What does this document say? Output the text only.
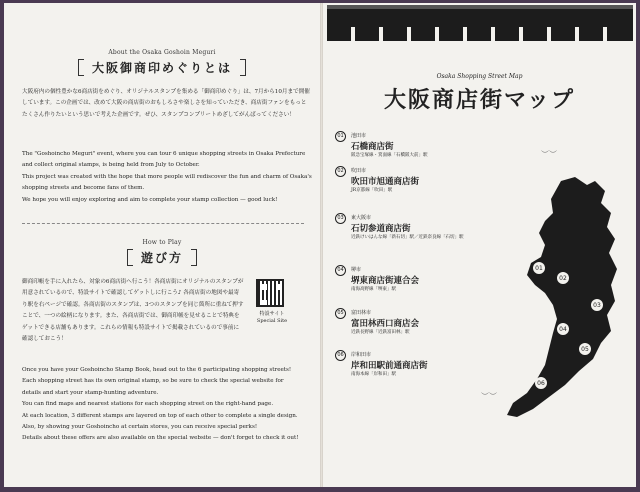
About the Osaka Goshoin Meguri
大阪御商印めぐりとは
大阪府内の個性豊かな6商店街をめぐり、オリジナルスタンプを集める「御商印めぐり」は、7月から10月まで開催しています。この企画では、改めて大阪の商店街のおもしろさや楽しさを知っていただき、商店街ファンをもっとたくさん作りたいという思いで考えた企画です。ぜひ、スタンプコンプリートめざしてがんばってください！
The "Goshoincho Meguri" event, where you can tour 6 unique shopping streets in Osaka Prefecture and collect original stamps, is being held from July to October.
This project was created with the hope that more people will rediscover the fun and charm of Osaka's shopping streets and become fans of them.
We hope you will enjoy exploring and aim to complete your stamp collection — good luck!
How to Play
遊び方
御商印帳を手に入れたら、対象の6商店街へ行こう！各商店街にオリジナルのスタンプが用意されているので、特設サイトで確認してゲットしに行こう♪ 各商店街の地図や最寄り駅を右ページで確認。各商店街のスタンプは、3つのスタンプを同じ箇所に重ねて押すことで、一つの絵柄になります。また、各商店街では、御商印帳を見せることで特典をゲットできる店舗もあります。これらの情報も特設サイトで掲載されているので事前に確認しておこう！
特設サイト
Special Site
Once you have your Goshoincho Stamp Book, head out to the 6 participating shopping streets!
Each shopping street has its own original stamp, so be sure to check the special website for
details and start your stamp-hunting adventure.
You can find maps and nearest stations for each shopping street on the right-hand page.
At each location, 3 different stamps are layered on top of each other to complete a single design.
Also, by showing your Goshoincho at certain stores, you can receive special perks!
Details about these offers are also available on the special website — don't forget to check it out!
Osaka Shopping Street Map
大阪商店街マップ
︶︶
︶︶
01	池田市
石橋商店街
阪急宝塚線・箕面線「石橋阪大前」駅
02	吹田市
吹田市旭通商店街
JR京都線「吹田」駅
03	東大阪市
石切参道商店街
近鉄けいはんな線「新石切」駅／近鉄奈良線「石切」駅
04	堺市
堺東商店街連合会
南海高野線「堺東」駅
05	富田林市
富田林西口商店会
近鉄長野線「近鉄富田林」駅
06	岸和田市
岸和田駅前通商店街
南海本線「岸和田」駅
01
02
03
04
05
06
